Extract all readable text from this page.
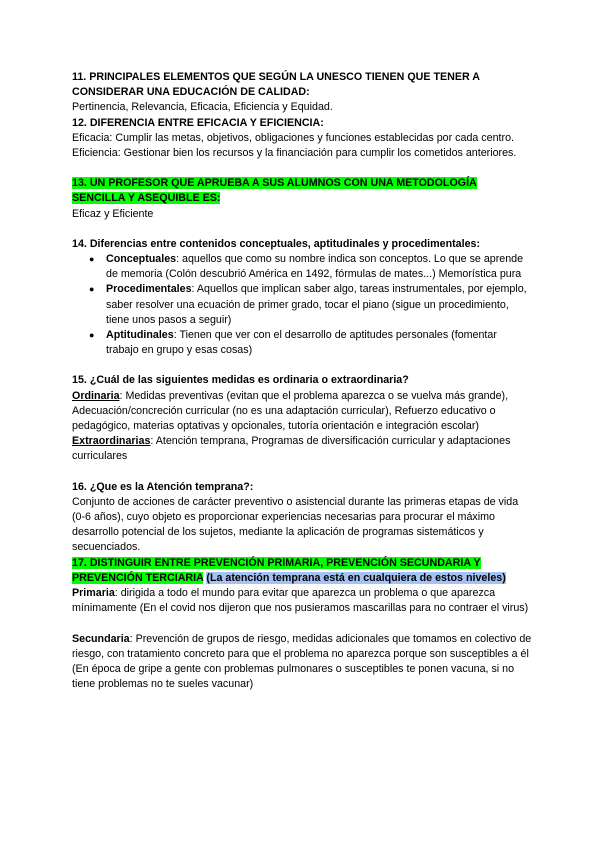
11. PRINCIPALES ELEMENTOS QUE SEGÚN LA UNESCO TIENEN QUE TENER A CONSIDERAR UNA EDUCACIÓN DE CALIDAD:

Pertinencia, Relevancia, Eficacia, Eficiencia y Equidad.

12. DIFERENCIA ENTRE EFICACIA Y EFICIENCIA:

Eficacia: Cumplir las metas, objetivos, obligaciones y funciones establecidas por cada centro.

Eficiencia: Gestionar bien los recursos y la financiación para cumplir los cometidos anteriores.

13. UN PROFESOR QUE APRUEBA A SUS ALUMNOS CON UNA METODOLOGÍA SENCILLA Y ASEQUIBLE ES:

Eficaz y Eficiente

14. Diferencias entre contenidos conceptuales, aptitudinales y procedimentales:

● Conceptuales: aquellos que como su nombre indica son conceptos. Lo que se aprende de memoria (Colón descubrió América en 1492, fórmulas de mates...) Memorística pura
● Procedimentales: Aquellos que implican saber algo, tareas instrumentales, por ejemplo, saber resolver una ecuación de primer grado, tocar el piano (sigue un procedimiento, tiene unos pasos a seguir)
● Aptitudinales: Tienen que ver con el desarrollo de aptitudes personales (fomentar trabajo en grupo y esas cosas)

15. ¿Cuál de las siguientes medidas es ordinaria o extraordinaria?

Ordinaria: Medidas preventivas (evitan que el problema aparezca o se vuelva más grande), Adecuación/concreción curricular (no es una adaptación curricular), Refuerzo educativo o pedagógico, materias optativas y opcionales, tutoría orientación e integración escolar)

Extraordinarias: Atención temprana, Programas de diversificación curricular y adaptaciones curriculares

16. ¿Que es la Atención temprana?:

Conjunto de acciones de carácter preventivo o asistencial durante las primeras etapas de vida (0-6 años), cuyo objeto es proporcionar experiencias necesarias para procurar el máximo desarrollo potencial de los sujetos, mediante la aplicación de programas sistemáticos y secuenciados.

17. DISTINGUIR ENTRE PREVENCIÓN PRIMARIA, PREVENCIÓN SECUNDARIA Y PREVENCIÓN TERCIARIA (La atención temprana está en cualquiera de estos niveles)

Primaria: dirigida a todo el mundo para evitar que aparezca un problema o que aparezca mínimamente (En el covid nos dijeron que nos pusieramos mascarillas para no contraer el virus)

Secundaria: Prevención de grupos de riesgo, medidas adicionales que tomamos en colectivo de riesgo, con tratamiento concreto para que el problema no aparezca porque son susceptibles a él (En época de gripe a gente con problemas pulmonares o susceptibles te ponen vacuna, si no tiene problemas no te sueles vacunar)
